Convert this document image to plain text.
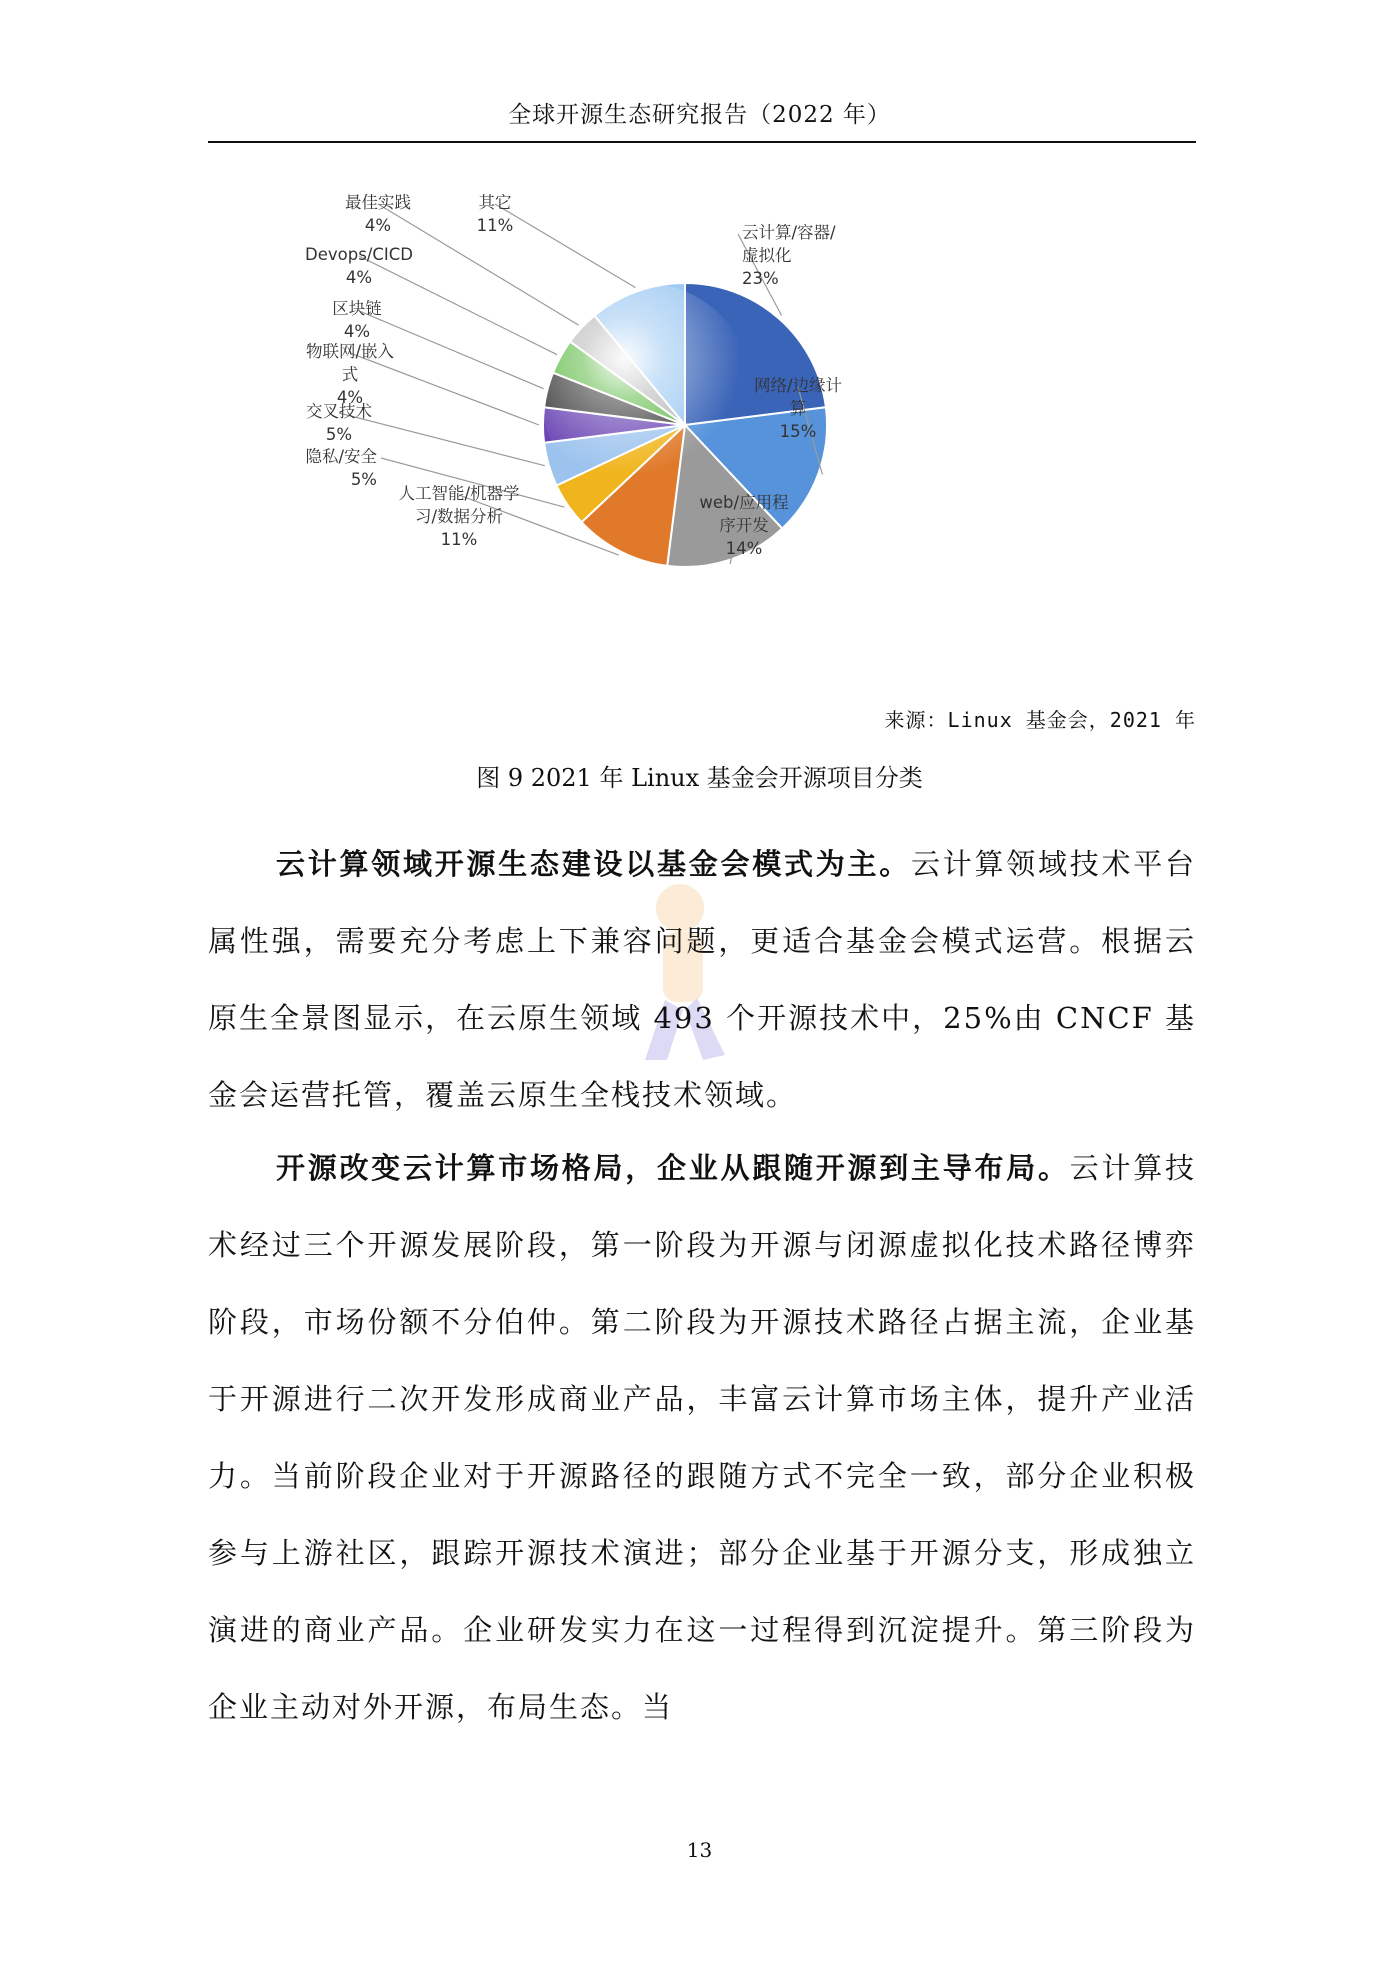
全球开源生态研究报告（2022 年）
云计算/容器/虚拟化 23%
网络/边缘计算 15%
web/应用程序开发 14%
人工智能/机器学习/数据分析 11%
隐私/安全 5%
交叉技术 5%
物联网/嵌入式 4%
区块链 4%
Devops/CICD 4%
最佳实践 4%
其它 11%
来源：Linux 基金会，2021 年
图 9 2021 年 Linux 基金会开源项目分类

云计算领域开源生态建设以基金会模式为主。云计算领域技术平台属性强，需要充分考虑上下兼容问题，更适合基金会模式运营。根据云原生全景图显示，在云原生领域 493 个开源技术中，25%由 CNCF 基金会运营托管，覆盖云原生全栈技术领域。

开源改变云计算市场格局，企业从跟随开源到主导布局。云计算技术经过三个开源发展阶段，第一阶段为开源与闭源虚拟化技术路径博弈阶段，市场份额不分伯仲。第二阶段为开源技术路径占据主流，企业基于开源进行二次开发形成商业产品，丰富云计算市场主体，提升产业活力。当前阶段企业对于开源路径的跟随方式不完全一致，部分企业积极参与上游社区，跟踪开源技术演进；部分企业基于开源分支，形成独立演进的商业产品。企业研发实力在这一过程得到沉淀提升。第三阶段为企业主动对外开源，布局生态。当

13
